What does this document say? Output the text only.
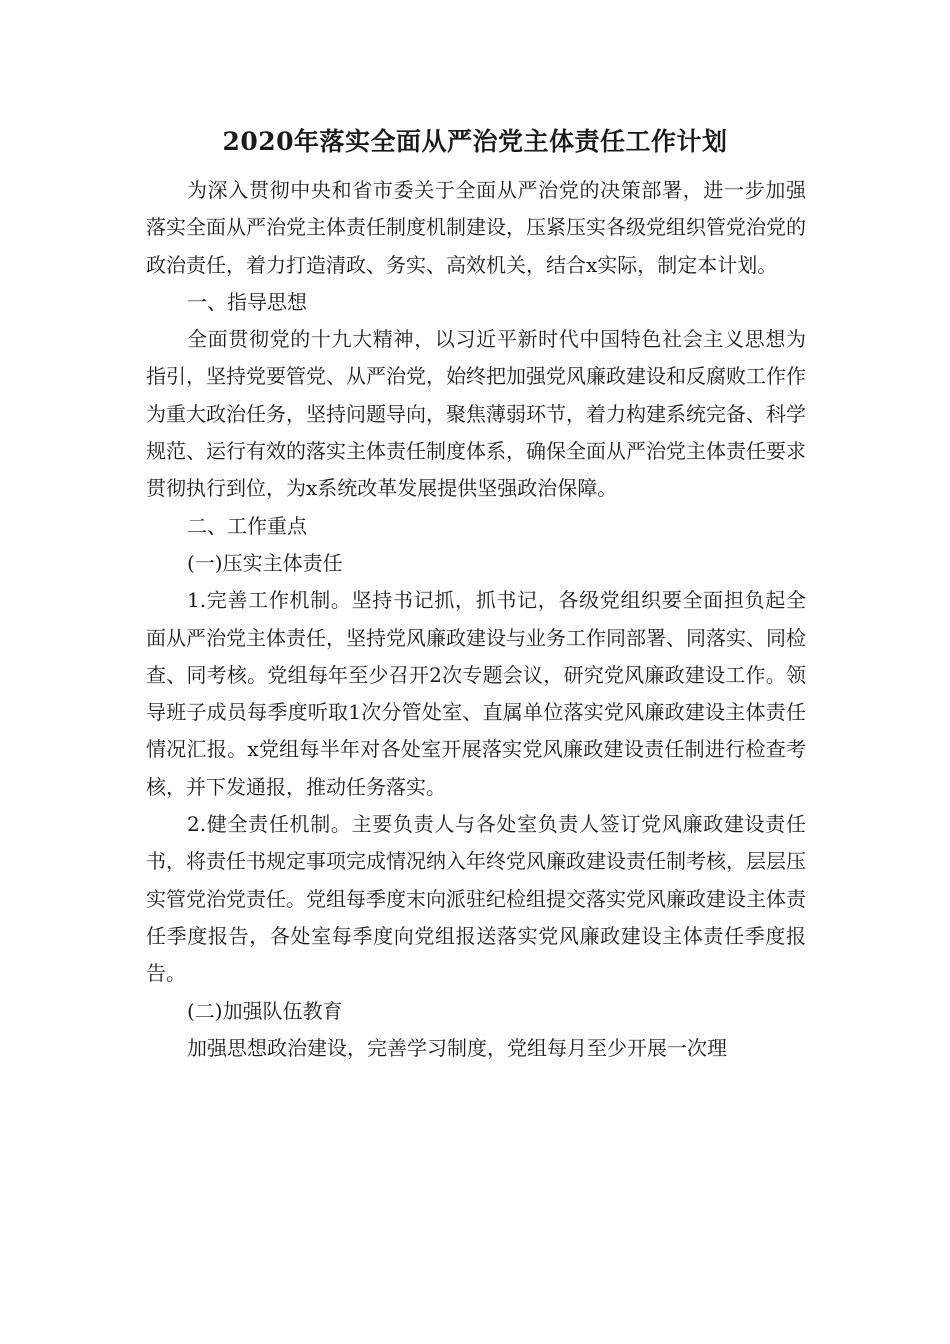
2020年落实全面从严治党主体责任工作计划

为深入贯彻中央和省市委关于全面从严治党的决策部署，进一步加强落实全面从严治党主体责任制度机制建设，压紧压实各级党组织管党治党的政治责任，着力打造清政、务实、高效机关，结合x实际，制定本计划。

一、指导思想

全面贯彻党的十九大精神，以习近平新时代中国特色社会主义思想为指引，坚持党要管党、从严治党，始终把加强党风廉政建设和反腐败工作作为重大政治任务，坚持问题导向，聚焦薄弱环节，着力构建系统完备、科学规范、运行有效的落实主体责任制度体系，确保全面从严治党主体责任要求贯彻执行到位，为x系统改革发展提供坚强政治保障。

二、工作重点

(一)压实主体责任

1.完善工作机制。坚持书记抓，抓书记，各级党组织要全面担负起全面从严治党主体责任，坚持党风廉政建设与业务工作同部署、同落实、同检查、同考核。党组每年至少召开2次专题会议，研究党风廉政建设工作。领导班子成员每季度听取1次分管处室、直属单位落实党风廉政建设主体责任情况汇报。x党组每半年对各处室开展落实党风廉政建设责任制进行检查考核，并下发通报，推动任务落实。

2.健全责任机制。主要负责人与各处室负责人签订党风廉政建设责任书，将责任书规定事项完成情况纳入年终党风廉政建设责任制考核，层层压实管党治党责任。党组每季度末向派驻纪检组提交落实党风廉政建设主体责任季度报告，各处室每季度向党组报送落实党风廉政建设主体责任季度报告。

(二)加强队伍教育

加强思想政治建设，完善学习制度，党组每月至少开展一次理
